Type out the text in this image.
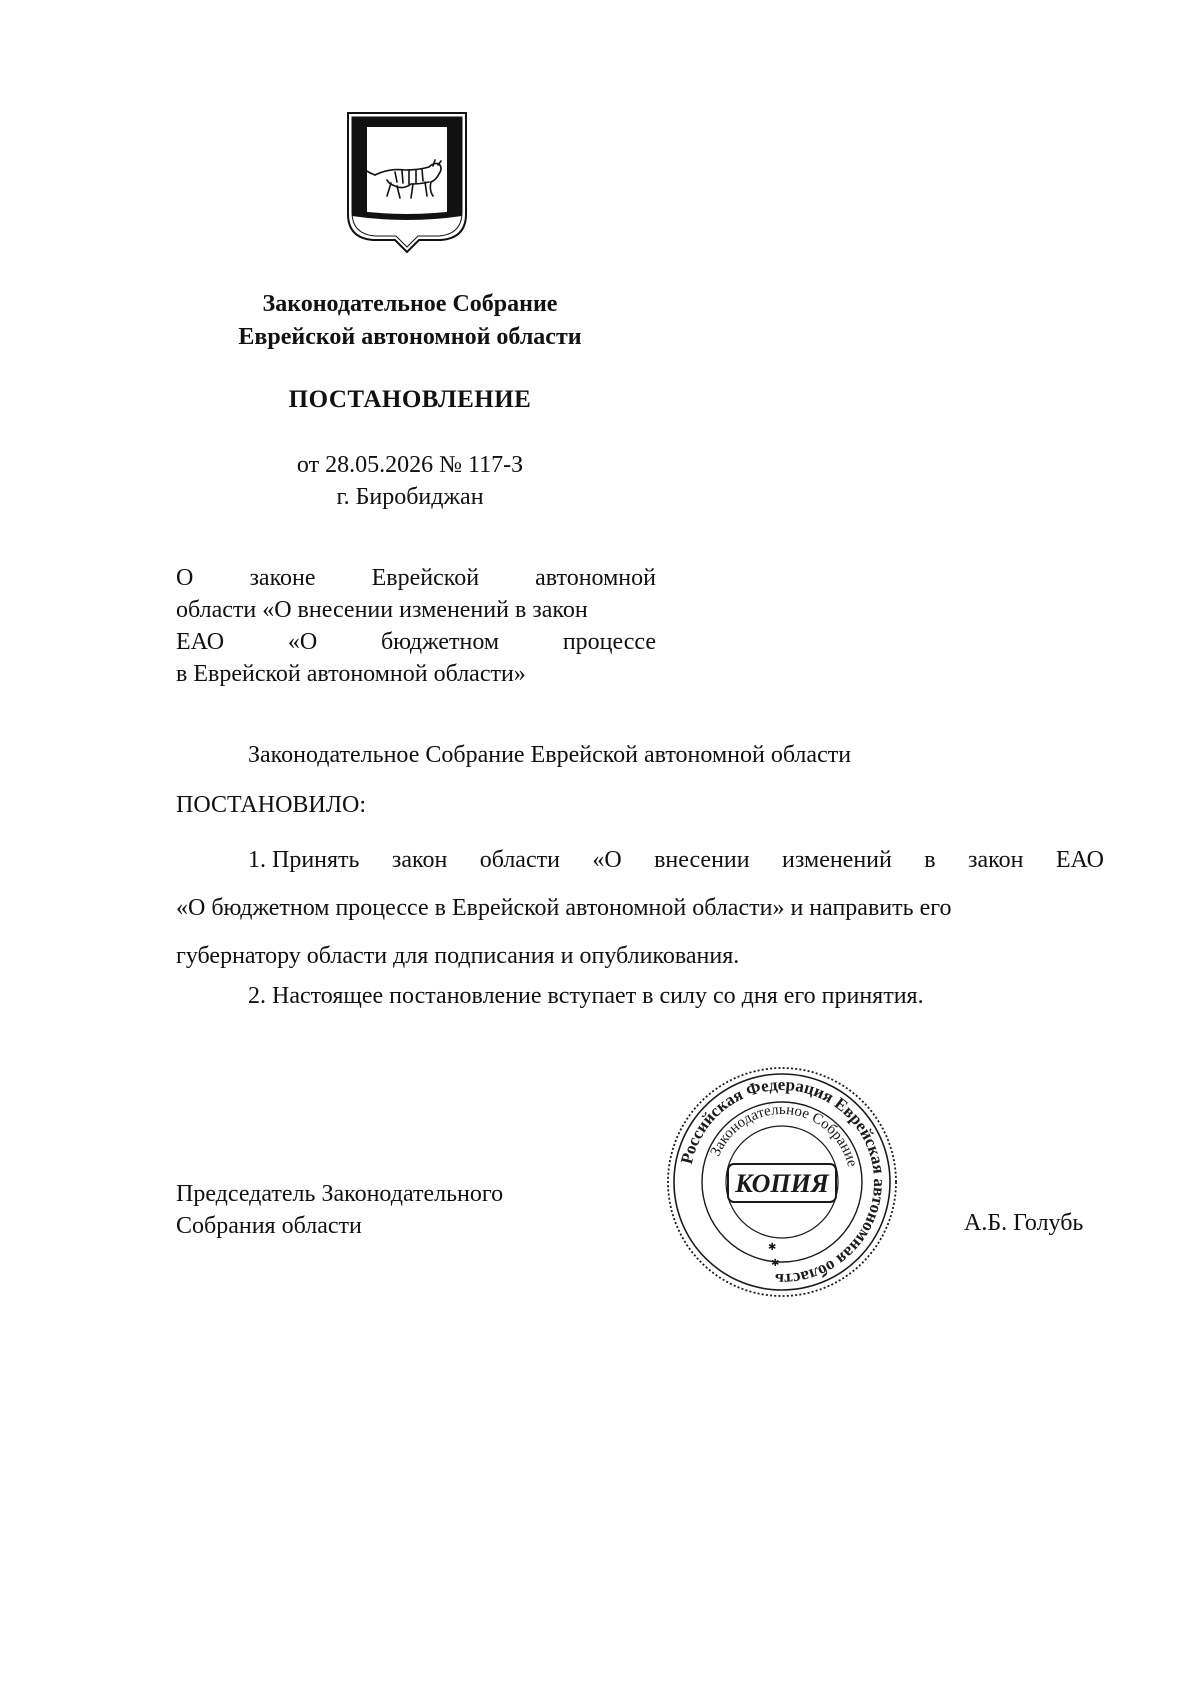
Законодательное Собрание
Еврейской автономной области
ПОСТАНОВЛЕНИЕ
от 28.05.2026 № 117-З
г. Биробиджан
О законе Еврейской автономной
области «О внесении изменений в закон
ЕАО	«О	бюджетном	процессе
в Еврейской автономной области»
Законодательное Собрание Еврейской автономной области
ПОСТАНОВИЛО:
1. Принять закон области «О внесении изменений в закон ЕАО
«О бюджетном процессе в Еврейской автономной области» и направить его
губернатору области для подписания и опубликования.
2. Настоящее постановление вступает в силу со дня его принятия.
Председатель Законодательного
Собрания области	А.Б. Голубь
Российская Федерация Еврейская автономная область
Законодательное Собрание
КОПИЯ
✱
✱
